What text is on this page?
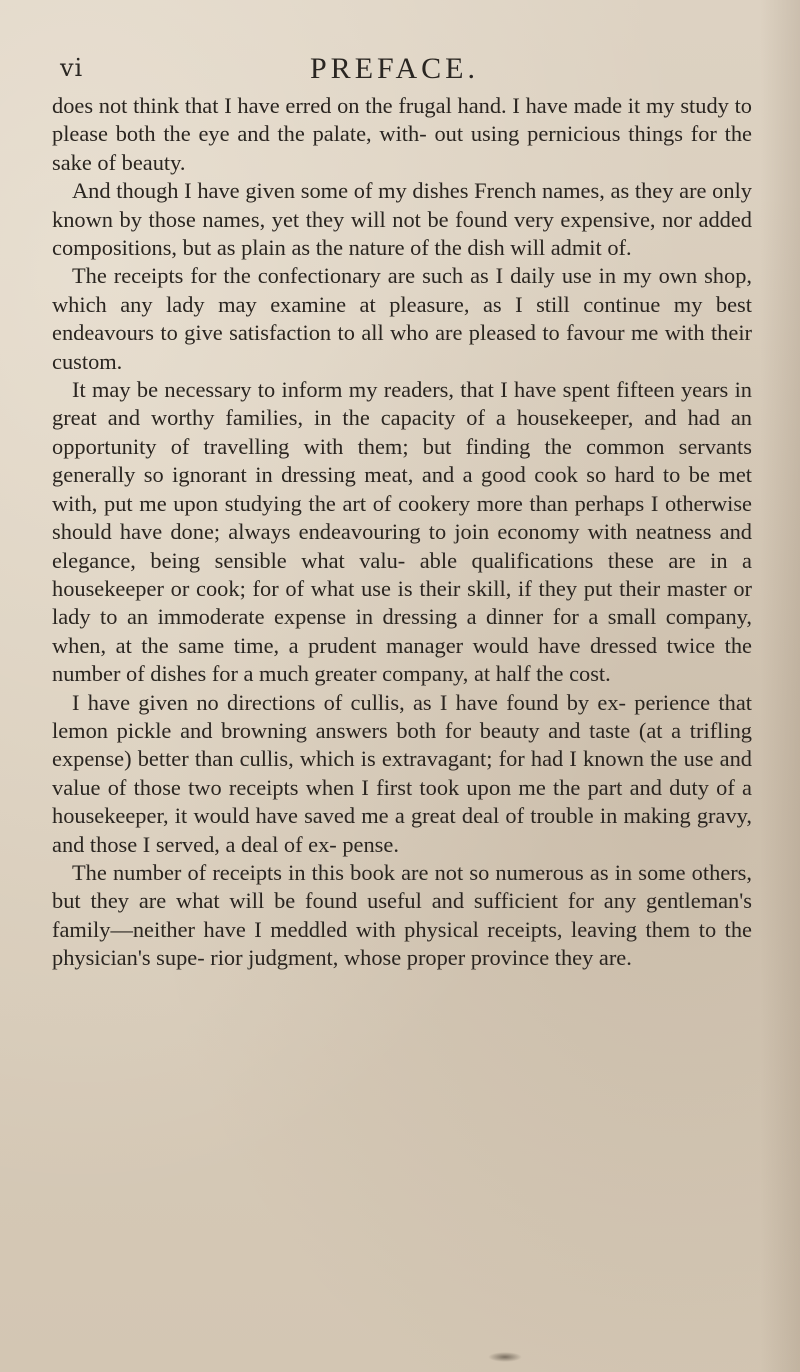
vi	PREFACE.

does not think that I have erred on the frugal hand. I have made it my study to please both the eye and the palate, with- out using pernicious things for the sake of beauty.

And though I have given some of my dishes French names, as they are only known by those names, yet they will not be found very expensive, nor added compositions, but as plain as the nature of the dish will admit of.

The receipts for the confectionary are such as I daily use in my own shop, which any lady may examine at pleasure, as I still continue my best endeavours to give satisfaction to all who are pleased to favour me with their custom.

It may be necessary to inform my readers, that I have spent fifteen years in great and worthy families, in the capacity of a housekeeper, and had an opportunity of travelling with them; but finding the common servants generally so ignorant in dressing meat, and a good cook so hard to be met with, put me upon studying the art of cookery more than perhaps I otherwise should have done; always endeavouring to join economy with neatness and elegance, being sensible what valu- able qualifications these are in a housekeeper or cook; for of what use is their skill, if they put their master or lady to an immoderate expense in dressing a dinner for a small company, when, at the same time, a prudent manager would have dressed twice the number of dishes for a much greater company, at half the cost.

I have given no directions of cullis, as I have found by ex- perience that lemon pickle and browning answers both for beauty and taste (at a trifling expense) better than cullis, which is extravagant; for had I known the use and value of those two receipts when I first took upon me the part and duty of a housekeeper, it would have saved me a great deal of trouble in making gravy, and those I served, a deal of ex- pense.

The number of receipts in this book are not so numerous as in some others, but they are what will be found useful and sufficient for any gentleman's family—neither have I meddled with physical receipts, leaving them to the physician's supe- rior judgment, whose proper province they are.
